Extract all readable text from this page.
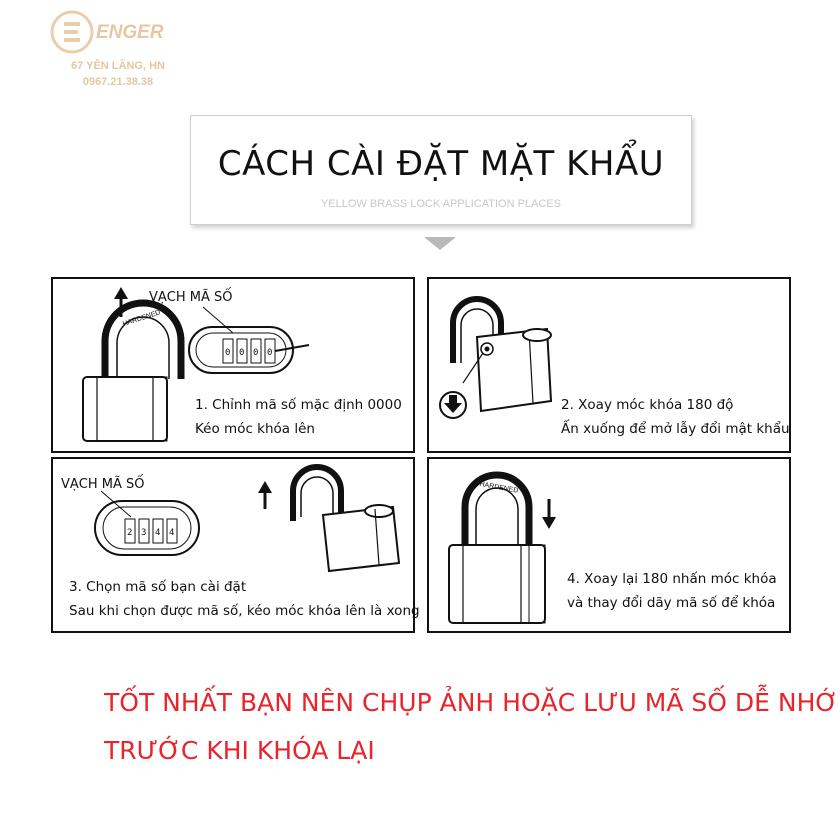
ENGER
67 YÊN LÃNG, HN
0967.21.38.38
CÁCH CÀI ĐẶT MẶT KHẨU
YELLOW BRASS LOCK APPLICATION PLACES
HARDENED
0 0 0 0
VẠCH MÃ SỐ
1. Chỉnh mã số mặc định 0000
Kéo móc khóa lên
2. Xoay móc khóa 180 độ
Ấn xuống để mở lẫy đổi mật khẩu
2 3 4 4
VẠCH MÃ SỐ
3. Chọn mã số bạn cài đặt
Sau khi chọn được mã số, kéo móc khóa lên là xong
HARDENED
4. Xoay lại 180 nhấn móc khóa
và thay đổi dãy mã số để khóa
TỐT NHẤT BẠN NÊN CHỤP ẢNH HOẶC LƯU MÃ SỐ DỄ NHỚ
TRƯỚC KHI KHÓA LẠI
